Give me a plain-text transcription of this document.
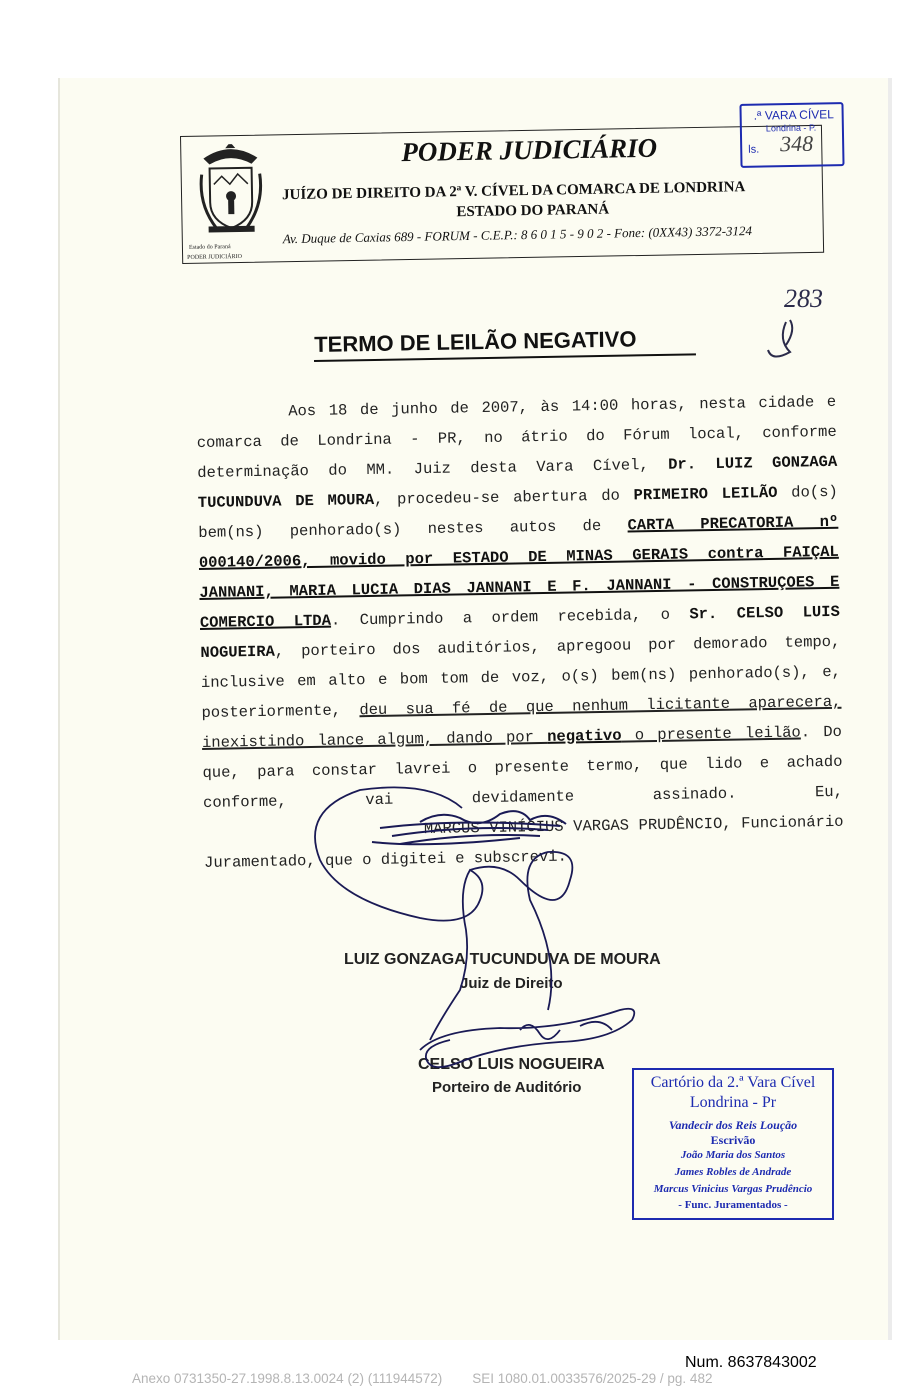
Estado do Paraná
PODER JUDICIÁRIO
PODER JUDICIÁRIO
JUÍZO DE DIREITO DA 2ª V. CÍVEL DA COMARCA DE LONDRINA
ESTADO DO PARANÁ
Av. Duque de Caxias 689 - FORUM - C.E.P.: 8 6 0 1 5 - 9 0 2 - Fone: (0XX43) 3372-3124
.ª VARA CÍVEL
Londrina - P.
ls. 348
283
TERMO DE LEILÃO NEGATIVO

Aos 18 de junho de 2007, às 14:00 horas, nesta cidade e comarca de Londrina - PR, no átrio do Fórum local, conforme determinação do MM. Juiz desta Vara Cível, Dr. LUIZ GONZAGA TUCUNDUVA DE MOURA, procedeu-se abertura do PRIMEIRO LEILÃO do(s) bem(ns) penhorado(s) nestes autos de CARTA PRECATORIA nº 000140/2006, movido por ESTADO DE MINAS GERAIS contra FAIÇAL JANNANI, MARIA LUCIA DIAS JANNANI E F. JANNANI - CONSTRUÇOES E COMERCIO LTDA. Cumprindo a ordem recebida, o Sr. CELSO LUIS NOGUEIRA, porteiro dos auditórios, apregoou por demorado tempo, inclusive em alto e bom tom de voz, o(s) bem(ns) penhorado(s), e, posteriormente, deu sua fé de que nenhum licitante aparecera, inexistindo lance algum, dando por negativo o presente leilão. Do que, para constar lavrei o presente termo, que lido e achado conforme, vai devidamente assinado. Eu,                        MARCUS VINÍCIUS VARGAS PRUDÊNCIO, Funcionário Juramentado, que o digitei e subscrevi.

LUIZ GONZAGA TUCUNDUVA DE MOURA
Juiz de Direito
CELSO LUIS NOGUEIRA
Porteiro de Auditório	Cartório da 2.ª Vara Cível
Londrina - Pr
Vandecir dos Reis Loução
Escrivão
João Maria dos Santos
James Robles de Andrade
Marcus Vinicius Vargas Prudêncio
- Func. Juramentados -
Num. 8637843002
Anexo 0731350-27.1998.8.13.0024 (2) (111944572)        SEI 1080.01.0033576/2025-29 / pg. 482
